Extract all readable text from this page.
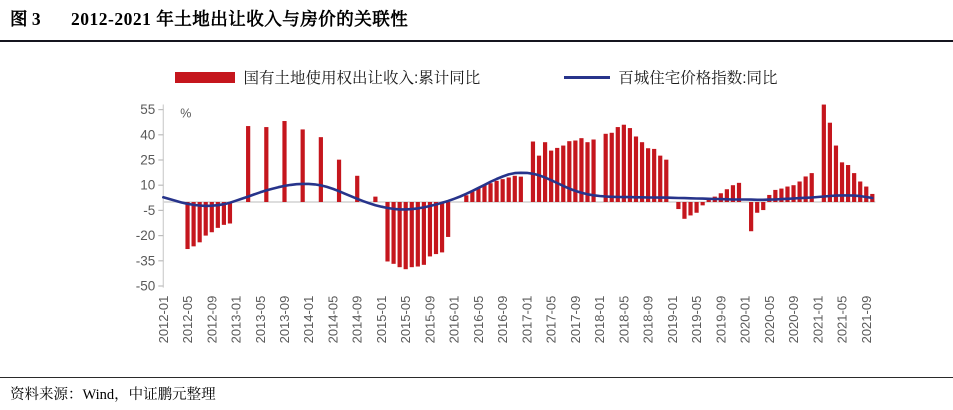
图 3 2012-2021 年土地出让收入与房价的关联性
国有土地使用权出让收入:累计同比	百城住宅价格指数:同比
55
40
25
10
-5
-20
-35
-50
%
2012-01 2012-05 2012-09 2013-01 2013-05 2013-09 2014-01 2014-05 2014-09 2015-01 2015-05 2015-09 2016-01 2016-05 2016-09 2017-01 2017-05 2017-09 2018-01 2018-05 2018-09 2019-01 2019-05 2019-09 2020-01 2020-05 2020-09 2021-01 2021-05 2021-09
资料来源：Wind，中证鹏元整理
